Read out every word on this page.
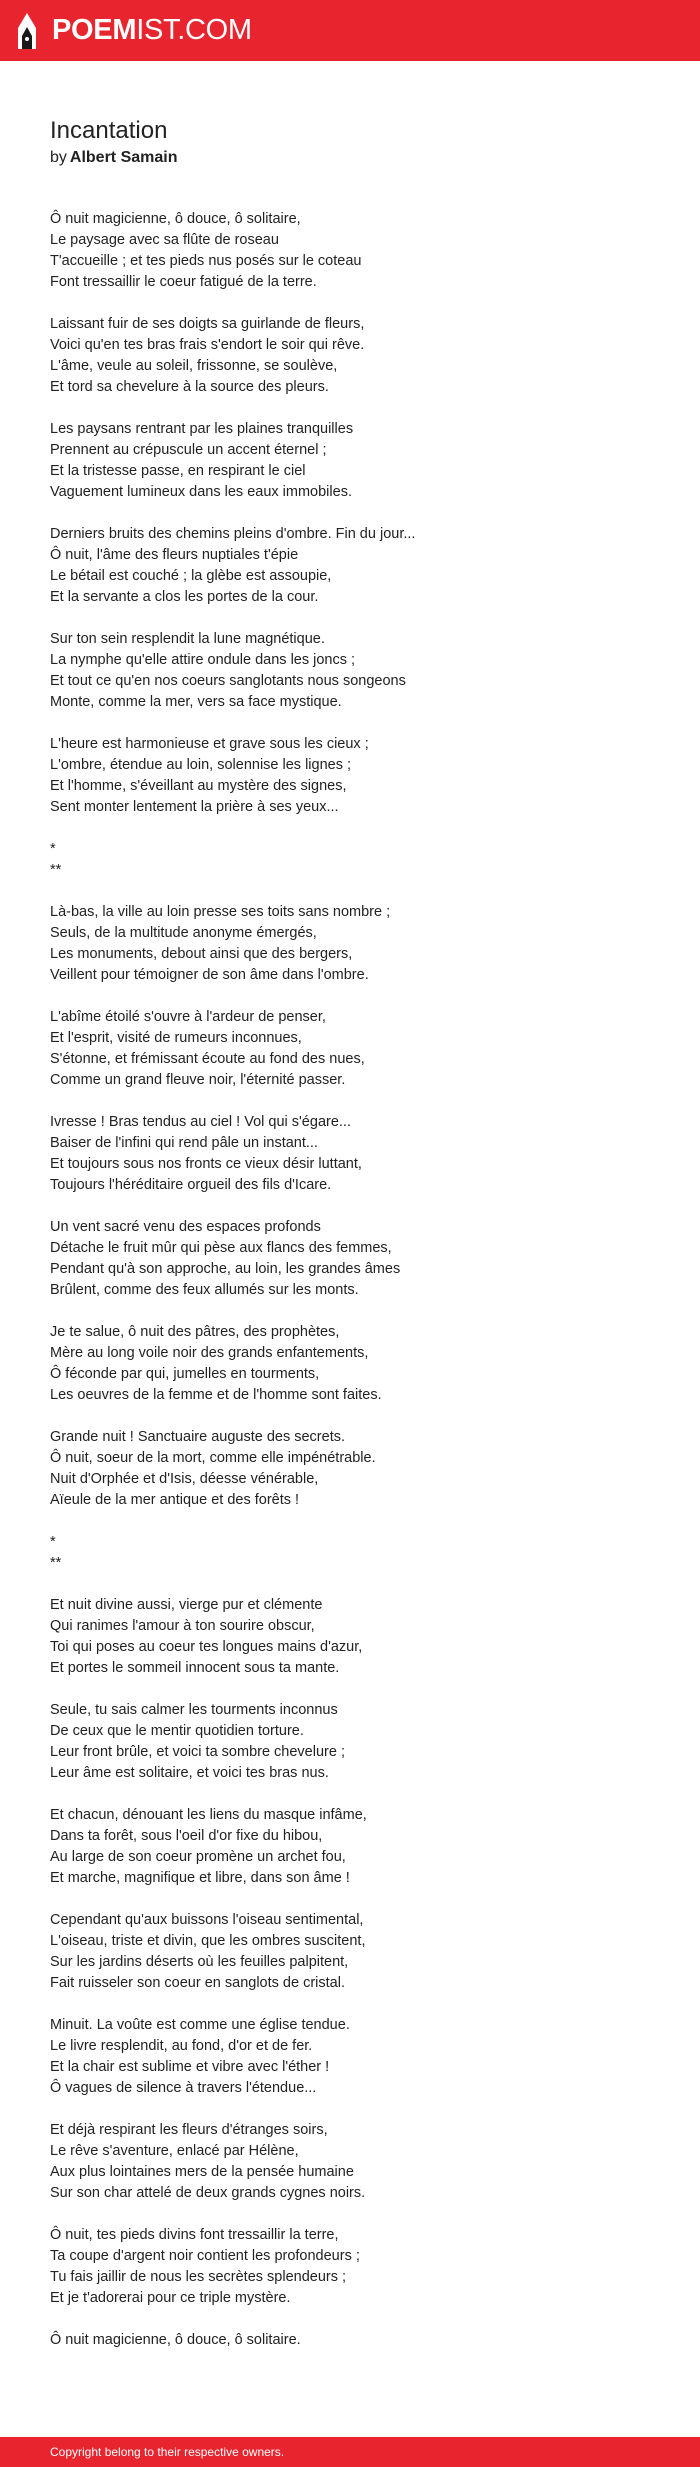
POEMIST.COM
Incantation
by Albert Samain
Ô nuit magicienne, ô douce, ô solitaire,
Le paysage avec sa flûte de roseau
T'accueille ; et tes pieds nus posés sur le coteau
Font tressaillir le coeur fatigué de la terre.
Laissant fuir de ses doigts sa guirlande de fleurs,
Voici qu'en tes bras frais s'endort le soir qui rêve.
L'âme, veule au soleil, frissonne, se soulève,
Et tord sa chevelure à la source des pleurs.
Les paysans rentrant par les plaines tranquilles
Prennent au crépuscule un accent éternel ;
Et la tristesse passe, en respirant le ciel
Vaguement lumineux dans les eaux immobiles.
Derniers bruits des chemins pleins d'ombre. Fin du jour...
Ô nuit, l'âme des fleurs nuptiales t'épie
Le bétail est couché ; la glèbe est assoupie,
Et la servante a clos les portes de la cour.
Sur ton sein resplendit la lune magnétique.
La nymphe qu'elle attire ondule dans les joncs ;
Et tout ce qu'en nos coeurs sanglotants nous songeons
Monte, comme la mer, vers sa face mystique.
L'heure est harmonieuse et grave sous les cieux ;
L'ombre, étendue au loin, solennise les lignes ;
Et l'homme, s'éveillant au mystère des signes,
Sent monter lentement la prière à ses yeux...
*
**
Là-bas, la ville au loin presse ses toits sans nombre ;
Seuls, de la multitude anonyme émergés,
Les monuments, debout ainsi que des bergers,
Veillent pour témoigner de son âme dans l'ombre.
L'abîme étoilé s'ouvre à l'ardeur de penser,
Et l'esprit, visité de rumeurs inconnues,
S'étonne, et frémissant écoute au fond des nues,
Comme un grand fleuve noir, l'éternité passer.
Ivresse ! Bras tendus au ciel ! Vol qui s'égare...
Baiser de l'infini qui rend pâle un instant...
Et toujours sous nos fronts ce vieux désir luttant,
Toujours l'héréditaire orgueil des fils d'Icare.
Un vent sacré venu des espaces profonds
Détache le fruit mûr qui pèse aux flancs des femmes,
Pendant qu'à son approche, au loin, les grandes âmes
Brûlent, comme des feux allumés sur les monts.
Je te salue, ô nuit des pâtres, des prophètes,
Mère au long voile noir des grands enfantements,
Ô féconde par qui, jumelles en tourments,
Les oeuvres de la femme et de l'homme sont faites.
Grande nuit ! Sanctuaire auguste des secrets.
Ô nuit, soeur de la mort, comme elle impénétrable.
Nuit d'Orphée et d'Isis, déesse vénérable,
Aïeule de la mer antique et des forêts !
*
**
Et nuit divine aussi, vierge pur et clémente
Qui ranimes l'amour à ton sourire obscur,
Toi qui poses au coeur tes longues mains d'azur,
Et portes le sommeil innocent sous ta mante.
Seule, tu sais calmer les tourments inconnus
De ceux que le mentir quotidien torture.
Leur front brûle, et voici ta sombre chevelure ;
Leur âme est solitaire, et voici tes bras nus.
Et chacun, dénouant les liens du masque infâme,
Dans ta forêt, sous l'oeil d'or fixe du hibou,
Au large de son coeur promène un archet fou,
Et marche, magnifique et libre, dans son âme !
Cependant qu'aux buissons l'oiseau sentimental,
L'oiseau, triste et divin, que les ombres suscitent,
Sur les jardins déserts où les feuilles palpitent,
Fait ruisseler son coeur en sanglots de cristal.
Minuit. La voûte est comme une église tendue.
Le livre resplendit, au fond, d'or et de fer.
Et la chair est sublime et vibre avec l'éther !
Ô vagues de silence à travers l'étendue...
Et déjà respirant les fleurs d'étranges soirs,
Le rêve s'aventure, enlacé par Hélène,
Aux plus lointaines mers de la pensée humaine
Sur son char attelé de deux grands cygnes noirs.
Ô nuit, tes pieds divins font tressaillir la terre,
Ta coupe d'argent noir contient les profondeurs ;
Tu fais jaillir de nous les secrètes splendeurs ;
Et je t'adorerai pour ce triple mystère.
Ô nuit magicienne, ô douce, ô solitaire.
Copyright belong to their respective owners.
